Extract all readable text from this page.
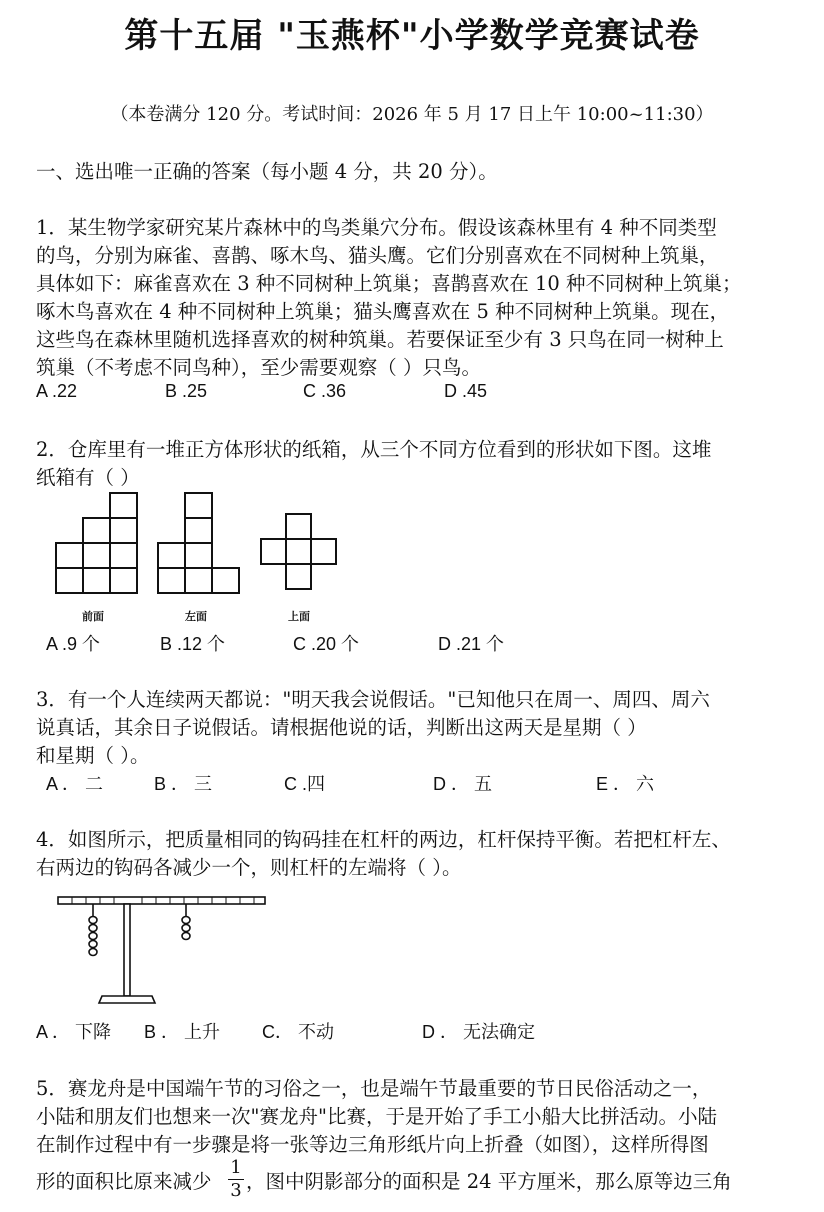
第十五届 "玉燕杯"小学数学竞赛试卷
（本卷满分 120 分。考试时间：2026 年 5 月 17 日上午 10:00~11:30）
一、选出唯一正确的答案（每小题 4 分，共 20 分）。
1．某生物学家研究某片森林中的鸟类巢穴分布。假设该森林里有 4 种不同类型
的鸟，分别为麻雀、喜鹊、啄木鸟、猫头鹰。它们分别喜欢在不同树种上筑巢，
具体如下：麻雀喜欢在 3 种不同树种上筑巢；喜鹊喜欢在 10 种不同树种上筑巢；
啄木鸟喜欢在 4 种不同树种上筑巢；猫头鹰喜欢在 5 种不同树种上筑巢。现在，
这些鸟在森林里随机选择喜欢的树种筑巢。若要保证至少有 3 只鸟在同一树种上
筑巢（不考虑不同鸟种），至少需要观察（ ）只鸟。
A .22	B .25	C .36	D .45
2．仓库里有一堆正方体形状的纸箱，从三个不同方位看到的形状如下图。这堆
纸箱有（ ）
前面	左面	上面
A .9 个	B .12 个	C .20 个	D .21 个
3．有一个人连续两天都说："明天我会说假话。"已知他只在周一、周四、周六
说真话，其余日子说假话。请根据他说的话，判断出这两天是星期（ ）
和星期（ ）。
A ． 二	B ． 三	C .四	D ． 五	E ． 六
4．如图所示，把质量相同的钩码挂在杠杆的两边，杠杆保持平衡。若把杠杆左、
右两边的钩码各减少一个，则杠杆的左端将（ ）。
A ． 下降 B ． 上升 C． 不动	D ． 无法确定
5．赛龙舟是中国端午节的习俗之一，也是端午节最重要的节日民俗活动之一，
小陆和朋友们也想来一次"赛龙舟"比赛，于是开始了手工小船大比拼活动。小陆
在制作过程中有一步骤是将一张等边三角形纸片向上折叠（如图），这样所得图
形的面积比原来减少
1
3 ，图中阴影部分的面积是 24 平方厘米，那么原等边三角
